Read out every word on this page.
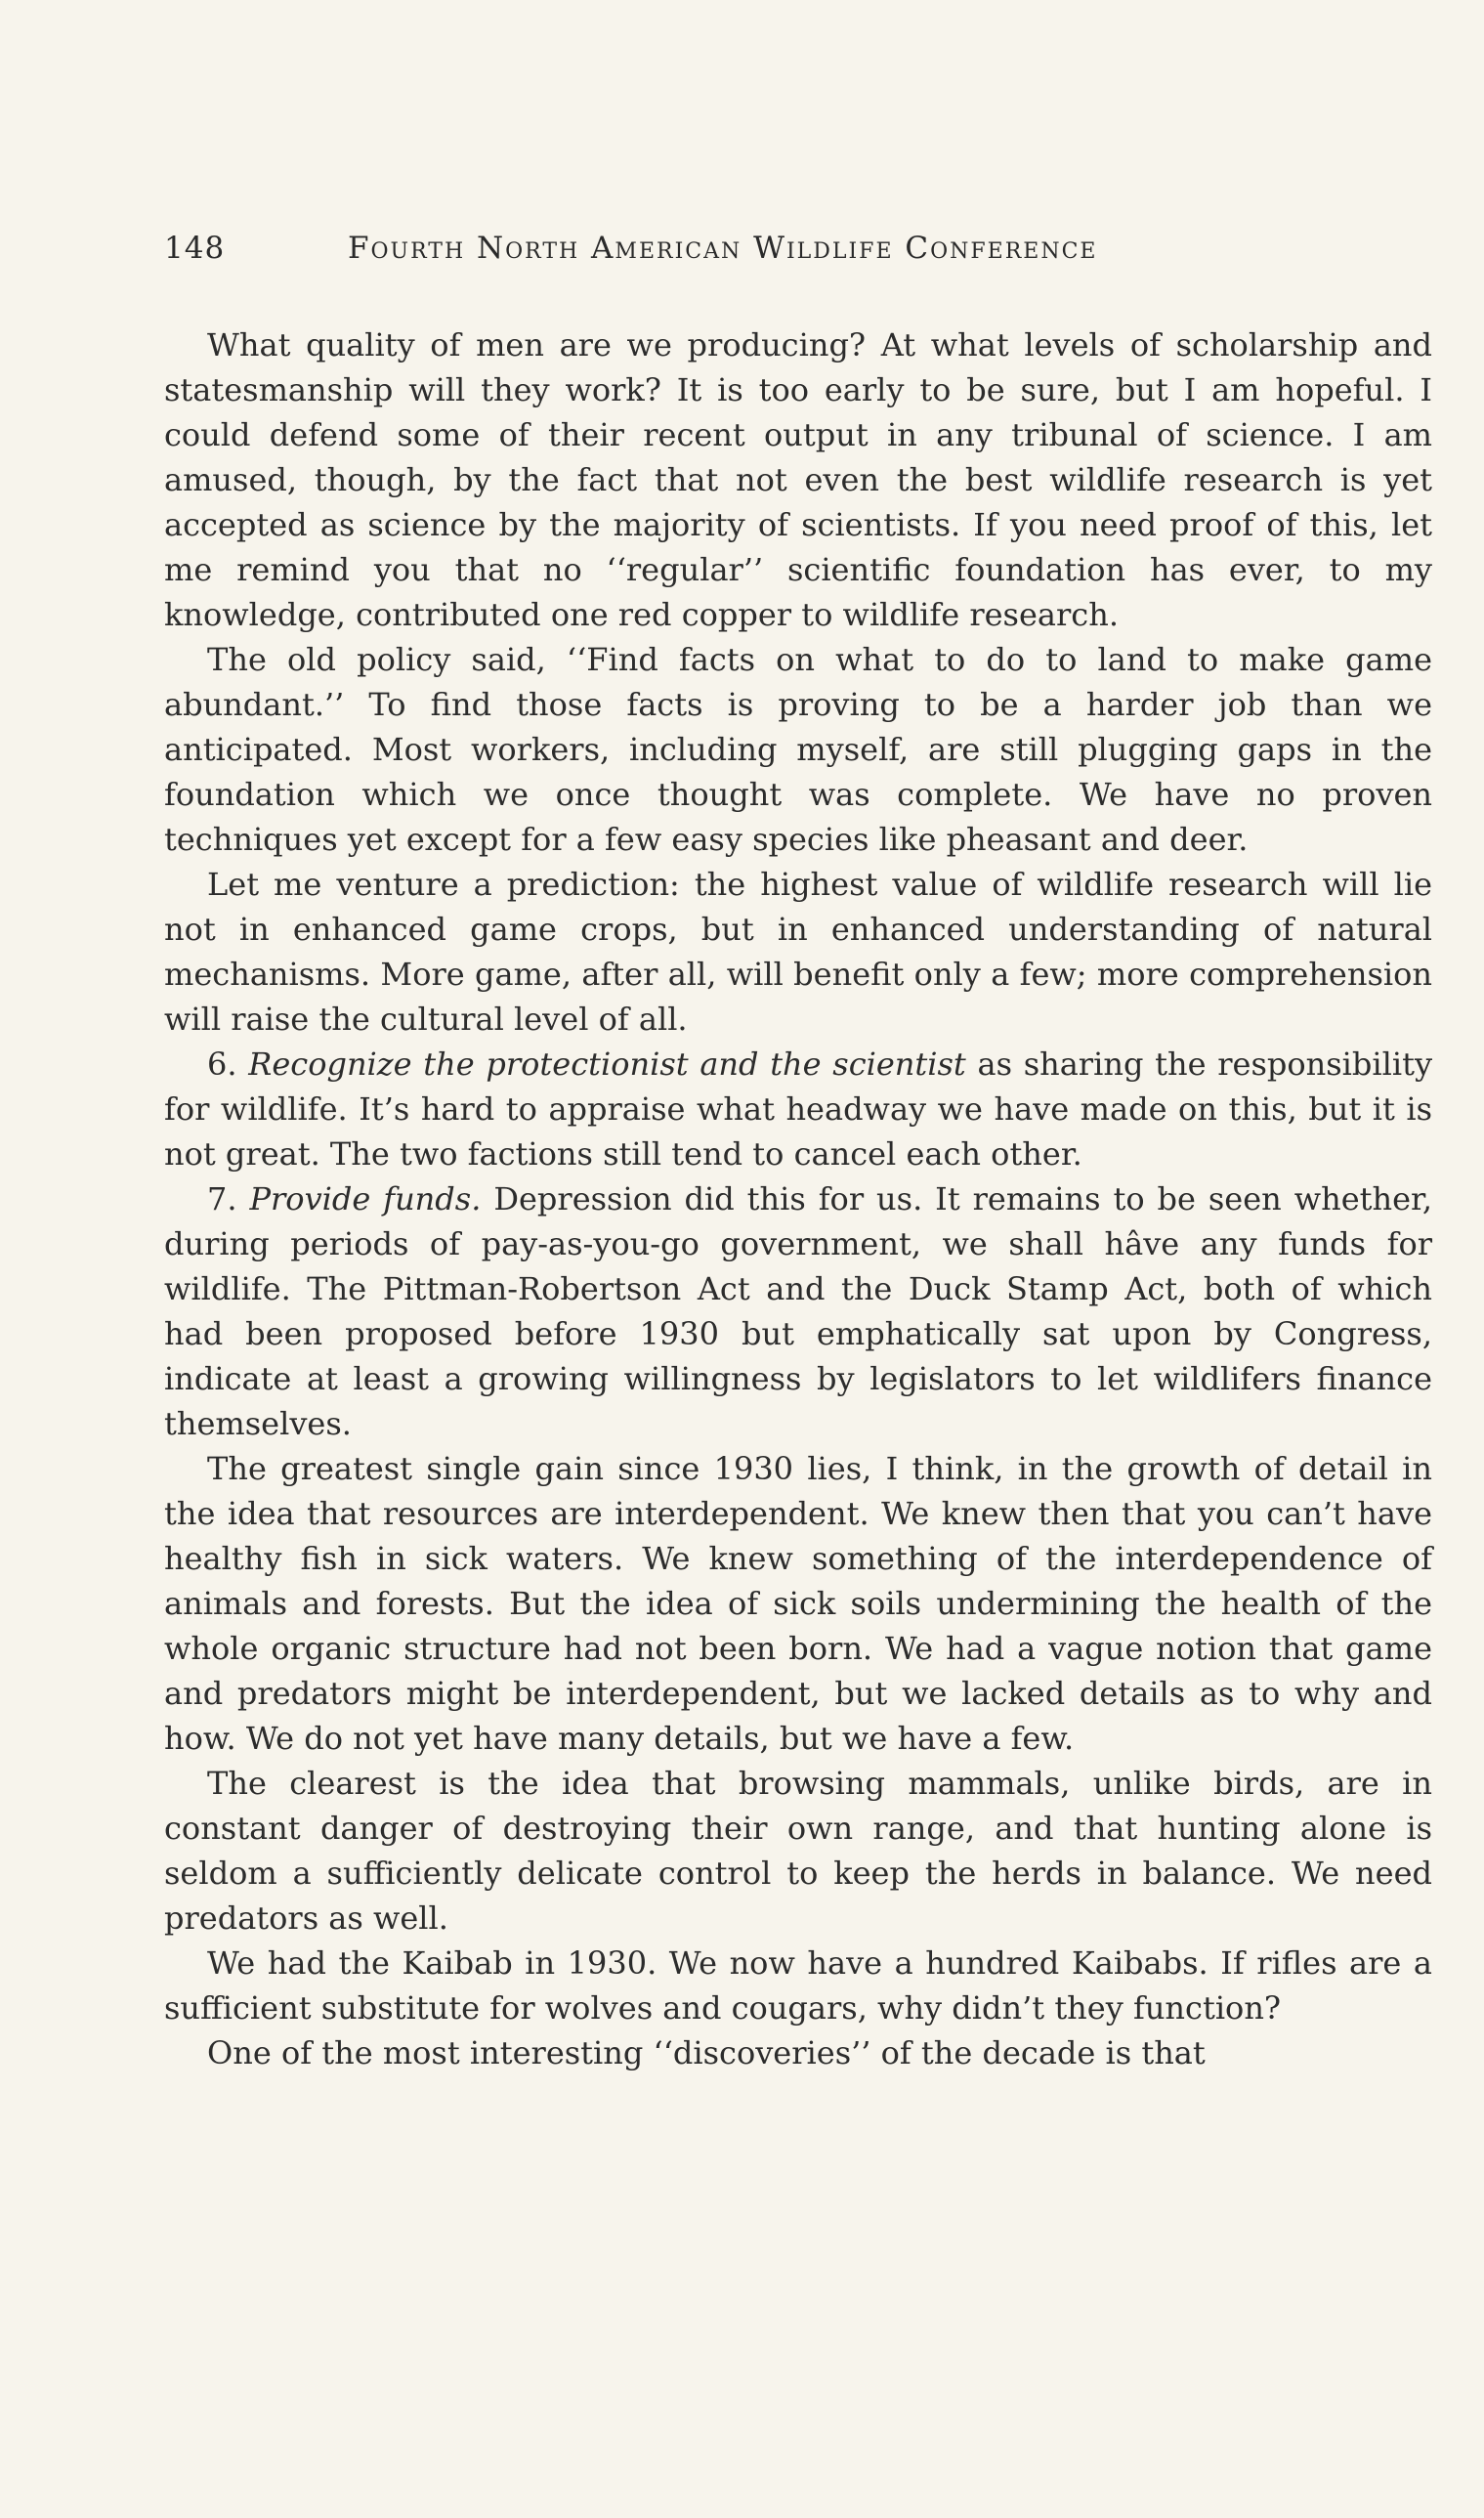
148	Fourth North American Wildlife Conference

What quality of men are we producing? At what levels of scholarship and statesmanship will they work? It is too early to be sure, but I am hopeful. I could defend some of their recent output in any tribunal of science. I am amused, though, by the fact that not even the best wildlife research is yet accepted as science by the majority of scientists. If you need proof of this, let me remind you that no ‘‘regular’’ scientific foundation has ever, to my knowledge, contributed one red copper to wildlife research.

The old policy said, ‘‘Find facts on what to do to land to make game abundant.’’ To find those facts is proving to be a harder job than we anticipated. Most workers, including myself, are still plugging gaps in the foundation which we once thought was complete. We have no proven techniques yet except for a few easy species like pheasant and deer.

Let me venture a prediction: the highest value of wildlife research will lie not in enhanced game crops, but in enhanced understanding of natural mechanisms. More game, after all, will benefit only a few; more comprehension will raise the cultural level of all.

6. Recognize the protectionist and the scientist as sharing the responsibility for wildlife. It’s hard to appraise what headway we have made on this, but it is not great. The two factions still tend to cancel each other.

7. Provide funds. Depression did this for us. It remains to be seen whether, during periods of pay-as-you-go government, we shall hâve any funds for wildlife. The Pittman-Robertson Act and the Duck Stamp Act, both of which had been proposed before 1930 but emphatically sat upon by Congress, indicate at least a growing willingness by legislators to let wildlifers finance themselves.

The greatest single gain since 1930 lies, I think, in the growth of detail in the idea that resources are interdependent. We knew then that you can’t have healthy fish in sick waters. We knew something of the interdependence of animals and forests. But the idea of sick soils undermining the health of the whole organic structure had not been born. We had a vague notion that game and predators might be interdependent, but we lacked details as to why and how. We do not yet have many details, but we have a few.

The clearest is the idea that browsing mammals, unlike birds, are in constant danger of destroying their own range, and that hunting alone is seldom a sufficiently delicate control to keep the herds in balance. We need predators as well.

We had the Kaibab in 1930. We now have a hundred Kaibabs. If rifles are a sufficient substitute for wolves and cougars, why didn’t they function?

One of the most interesting ‘‘discoveries’’ of the decade is that
